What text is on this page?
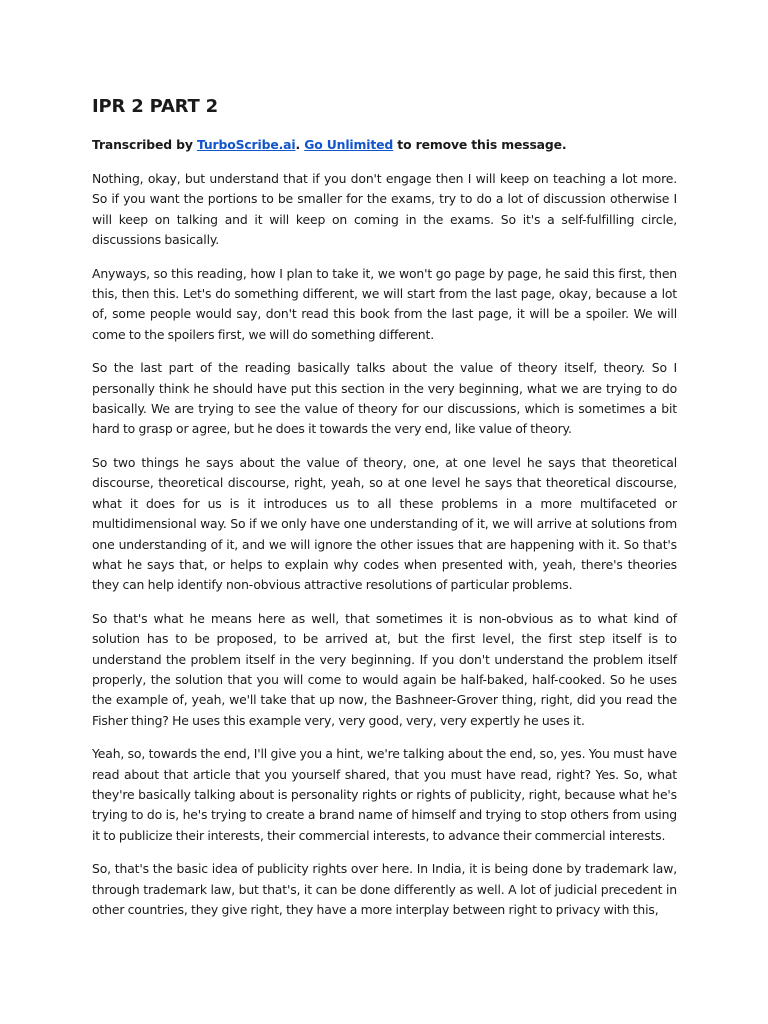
IPR 2 PART 2

Transcribed by TurboScribe.ai. Go Unlimited to remove this message.

Nothing, okay, but understand that if you don't engage then I will keep on teaching a lot more. So if you want the portions to be smaller for the exams, try to do a lot of discussion otherwise I will keep on talking and it will keep on coming in the exams. So it's a self-fulfilling circle, discussions basically.

Anyways, so this reading, how I plan to take it, we won't go page by page, he said this first, then this, then this. Let's do something different, we will start from the last page, okay, because a lot of, some people would say, don't read this book from the last page, it will be a spoiler. We will come to the spoilers first, we will do something different.

So the last part of the reading basically talks about the value of theory itself, theory. So I personally think he should have put this section in the very beginning, what we are trying to do basically. We are trying to see the value of theory for our discussions, which is sometimes a bit hard to grasp or agree, but he does it towards the very end, like value of theory.

So two things he says about the value of theory, one, at one level he says that theoretical discourse, theoretical discourse, right, yeah, so at one level he says that theoretical discourse, what it does for us is it introduces us to all these problems in a more multifaceted or multidimensional way. So if we only have one understanding of it, we will arrive at solutions from one understanding of it, and we will ignore the other issues that are happening with it. So that's what he says that, or helps to explain why codes when presented with, yeah, there's theories they can help identify non-obvious attractive resolutions of particular problems.

So that's what he means here as well, that sometimes it is non-obvious as to what kind of solution has to be proposed, to be arrived at, but the first level, the first step itself is to understand the problem itself in the very beginning. If you don't understand the problem itself properly, the solution that you will come to would again be half-baked, half-cooked. So he uses the example of, yeah, we'll take that up now, the Bashneer-Grover thing, right, did you read the Fisher thing? He uses this example very, very good, very, very expertly he uses it.

Yeah, so, towards the end, I'll give you a hint, we're talking about the end, so, yes. You must have read about that article that you yourself shared, that you must have read, right? Yes. So, what they're basically talking about is personality rights or rights of publicity, right, because what he's trying to do is, he's trying to create a brand name of himself and trying to stop others from using it to publicize their interests, their commercial interests, to advance their commercial interests.

So, that's the basic idea of publicity rights over here. In India, it is being done by trademark law, through trademark law, but that's, it can be done differently as well. A lot of judicial precedent in other countries, they give right, they have a more interplay between right to privacy with this,
